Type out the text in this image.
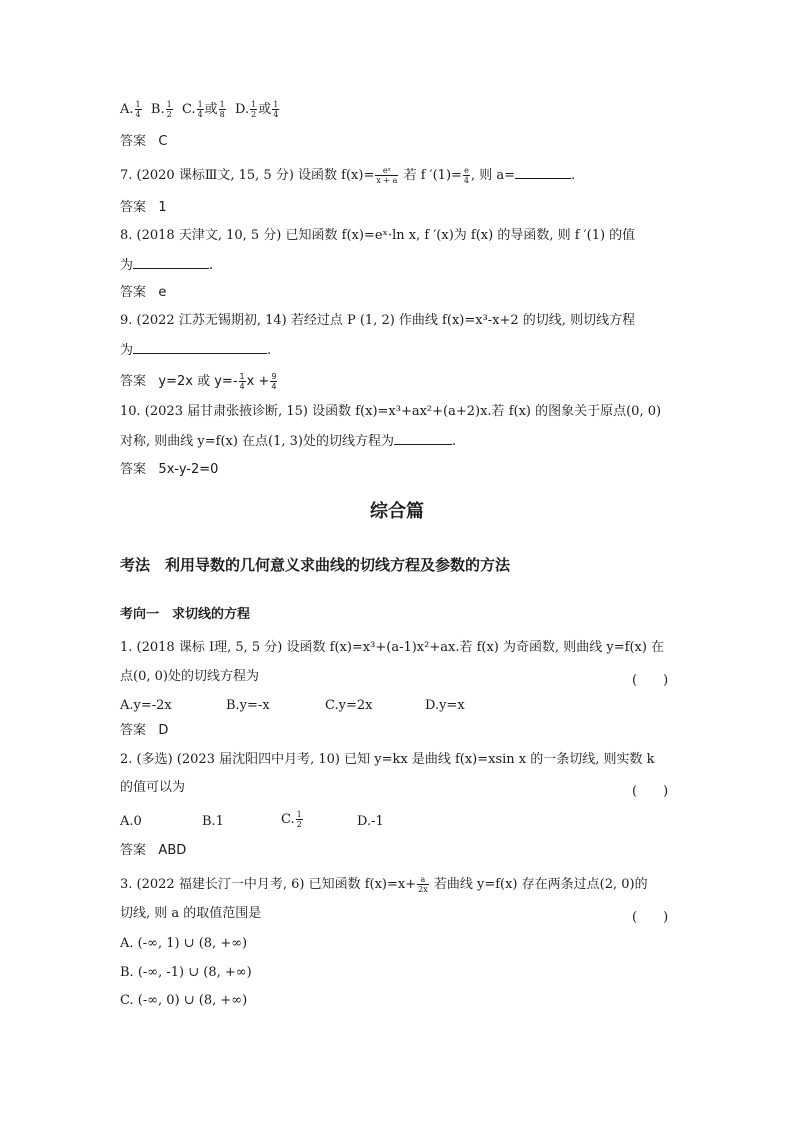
A. $\frac{1}{4} B$. $\frac{1}{2} C$. $\frac{1}{4}$ 或 $\frac{1}{8} D$. $\frac{1}{2}$ 或 $\frac{1}{4}$
答案 C
7. (2020 课标Ⅲ文, 15, 5 分) 设函数 $f(x)= \frac{\text{eˣ}}{x + a}$ 若 f $'(1)= \frac{e}{4}$ , 则 a=	.
答案 1
8. (2018 天津文, 10, 5 分) 已知函数 f(x)=eˣ·ln x, f ′(x)为 f(x) 的导函数, 则 f ′(1) 的值
为	.
答案 e
9. (2022 江苏无锡期初, 14) 若经过点 P (1, 2) 作曲线 f(x)=x³-x+2 的切线, 则切线方程
为	.
答案 y=2x 或 $y=- \frac{1}{4}$ $x + \frac{9}{4}$
10. (2023 届甘肃张掖诊断, 15) 设函数 f(x)=x³+ax²+(a+2)x.若 f(x) 的图象关于原点(0, 0)
对称, 则曲线 y=f(x) 在点(1, 3)处的切线方程为	.
答案 5x-y-2=0
综合篇
考法　利用导数的几何意义求曲线的切线方程及参数的方法
考向一　求切线的方程
1. (2018 课标 Ⅰ理, 5, 5 分) 设函数 f(x)=x³+(a-1)x²+ax.若 f(x) 为奇函数, 则曲线 y=f(x) 在
点(0, 0)处的切线方程为	(　　)
A.y=-2x	B.y=-x	C.y=2x	D.y=x
答案 D
2. (多选) (2023 届沈阳四中月考, 10) 已知 y=kx 是曲线 f(x)=xsin x 的一条切线, 则实数 k
的值可以为	(　　)
A.0	B.1	C. $\frac{1}{2}$	D.-1
答案 ABD
3. (2022 福建长汀一中月考, 6) 已知函数 $f(x)=x+ \frac{a}{2x}$ 若曲线 y=f(x) 存在两条过点(2, 0)的
切线, 则 a 的取值范围是	(　　)
A. (-∞, 1) ∪ (8, +∞)
B. (-∞, -1) ∪ (8, +∞)
C. (-∞, 0) ∪ (8, +∞)
